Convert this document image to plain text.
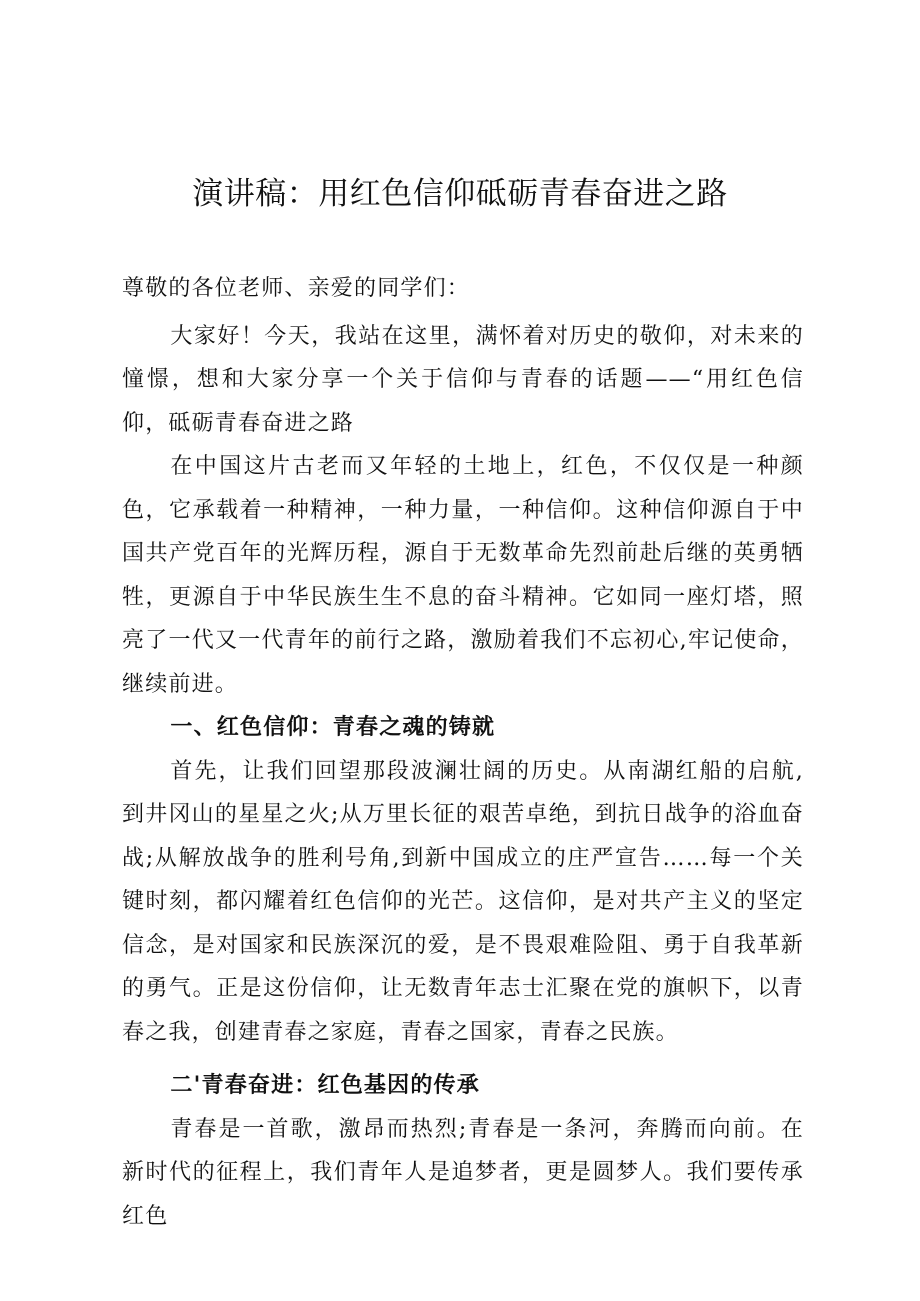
演讲稿：用红色信仰砥砺青春奋进之路

尊敬的各位老师、亲爱的同学们：

大家好！今天，我站在这里，满怀着对历史的敬仰，对未来的憧憬，想和大家分享一个关于信仰与青春的话题——“用红色信仰，砥砺青春奋进之路

在中国这片古老而又年轻的土地上，红色，不仅仅是一种颜色，它承载着一种精神，一种力量，一种信仰。这种信仰源自于中国共产党百年的光辉历程，源自于无数革命先烈前赴后继的英勇牺牲，更源自于中华民族生生不息的奋斗精神。它如同一座灯塔，照亮了一代又一代青年的前行之路，激励着我们不忘初心,牢记使命，继续前进。

一、红色信仰：青春之魂的铸就

首先，让我们回望那段波澜壮阔的历史。从南湖红船的启航,到井冈山的星星之火;从万里长征的艰苦卓绝，到抗日战争的浴血奋战;从解放战争的胜利号角,到新中国成立的庄严宣告……每一个关键时刻，都闪耀着红色信仰的光芒。这信仰，是对共产主义的坚定信念，是对国家和民族深沉的爱，是不畏艰难险阻、勇于自我革新的勇气。正是这份信仰，让无数青年志士汇聚在党的旗帜下，以青春之我，创建青春之家庭，青春之国家，青春之民族。

二'青春奋进：红色基因的传承

青春是一首歌，激昂而热烈;青春是一条河，奔腾而向前。在新时代的征程上，我们青年人是追梦者，更是圆梦人。我们要传承红色
